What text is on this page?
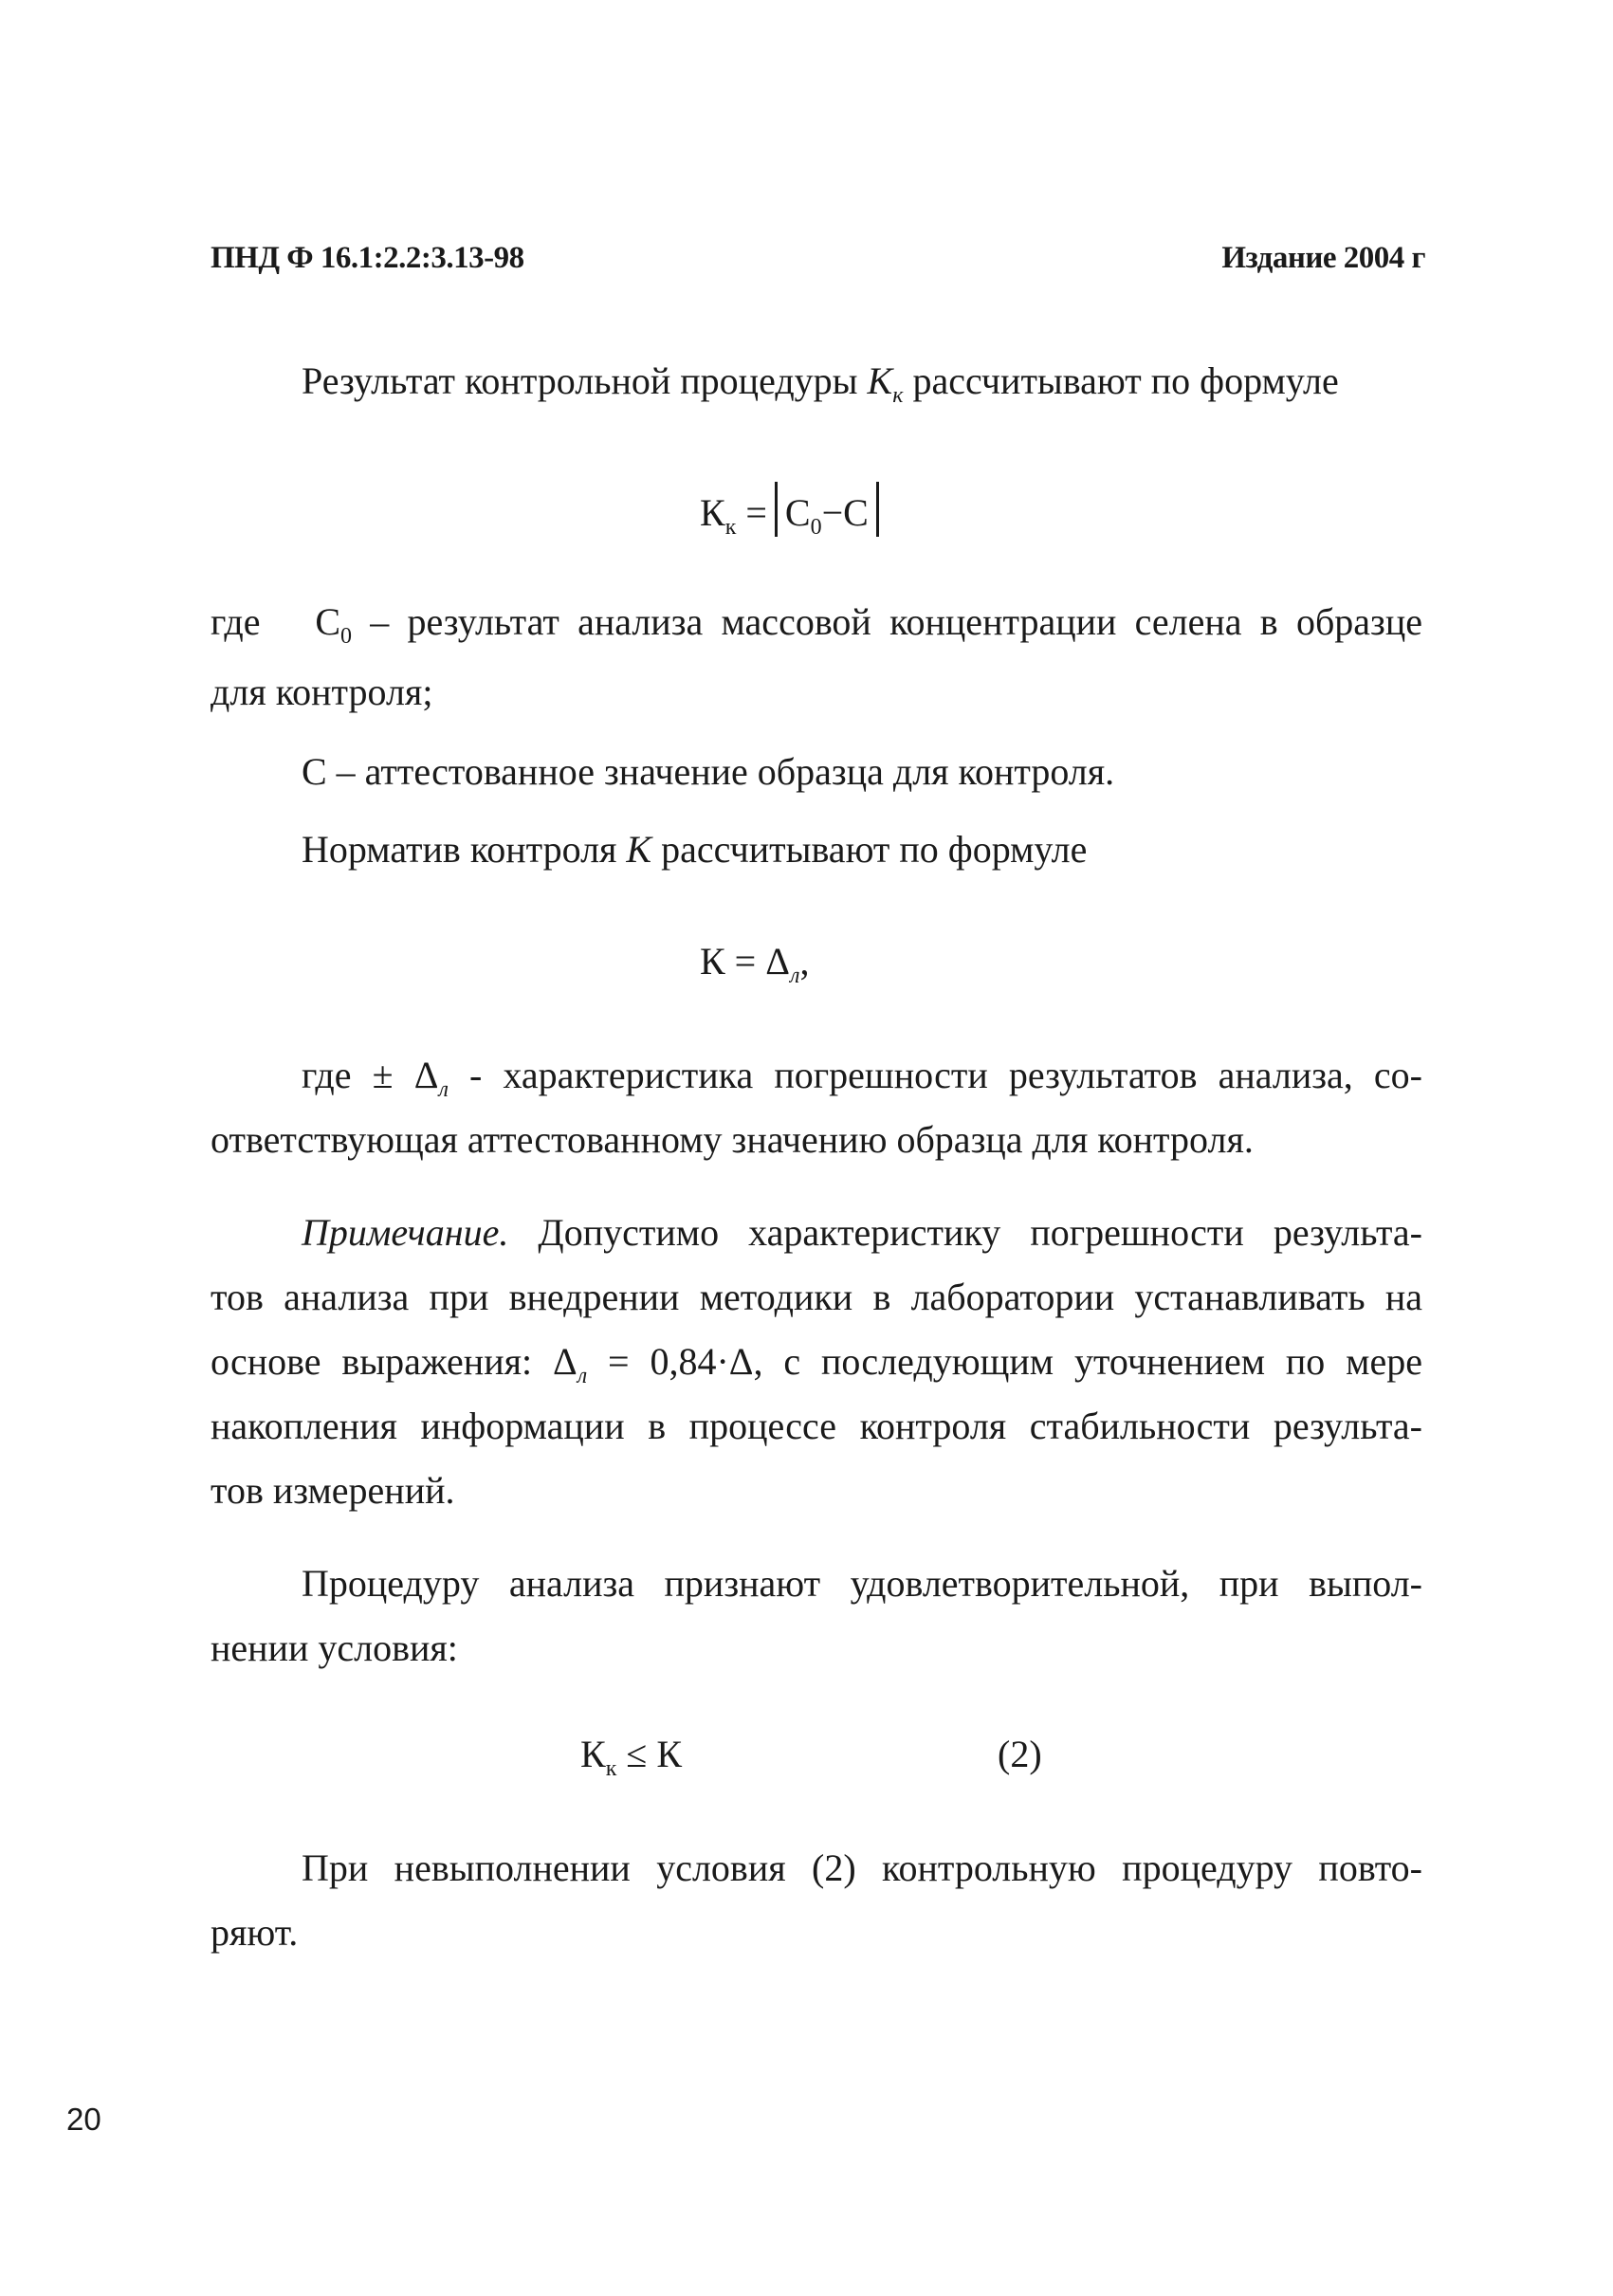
ПНД Ф 16.1:2.2:3.13-98	Издание 2004 г
Результат контрольной процедуры $K_к$ рассчитывают по формуле
$К_к = C_0-C$
где $С_0$ – результат анализа массовой концентрации селена в образце
для контроля;
С – аттестованное значение образца для контроля.
Норматив контроля K рассчитывают по формуле
$К = \Delta_л$,
где ± $\Delta_л$ - характеристика погрешности результатов анализа, со-
ответствующая аттестованному значению образца для контроля.
Примечание. Допустимо характеристику погрешности результа-
тов анализа при внедрении методики в лаборатории устанавливать на
основе выражения: $\Delta_л = 0,84\cdot\Delta$, с последующим уточнением по мере
накопления информации в процессе контроля стабильности результа-
тов измерений.
Процедуру анализа признают удовлетворительной, при выпол-
нении условия:
$К_к \le К$	(2)
При невыполнении условия (2) контрольную процедуру повто-
ряют.
20
